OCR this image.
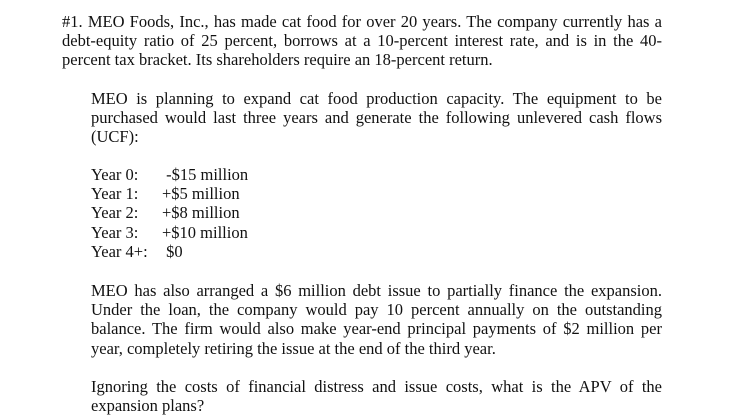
#1. MEO Foods, Inc., has made cat food for over 20 years. The company currently has a debt-equity ratio of 25 percent, borrows at a 10-percent interest rate, and is in the 40-percent tax bracket. Its shareholders require an 18-percent return.

MEO is planning to expand cat food production capacity. The equipment to be purchased would last three years and generate the following unlevered cash flows (UCF):

Year 0:	-$15 million
Year 1:	+$5 million
Year 2:	+$8 million
Year 3:	+$10 million
Year 4+: $0

MEO has also arranged a $6 million debt issue to partially finance the expansion. Under the loan, the company would pay 10 percent annually on the outstanding balance. The firm would also make year-end principal payments of $2 million per year, completely retiring the issue at the end of the third year.

Ignoring the costs of financial distress and issue costs, what is the APV of the expansion plans?
